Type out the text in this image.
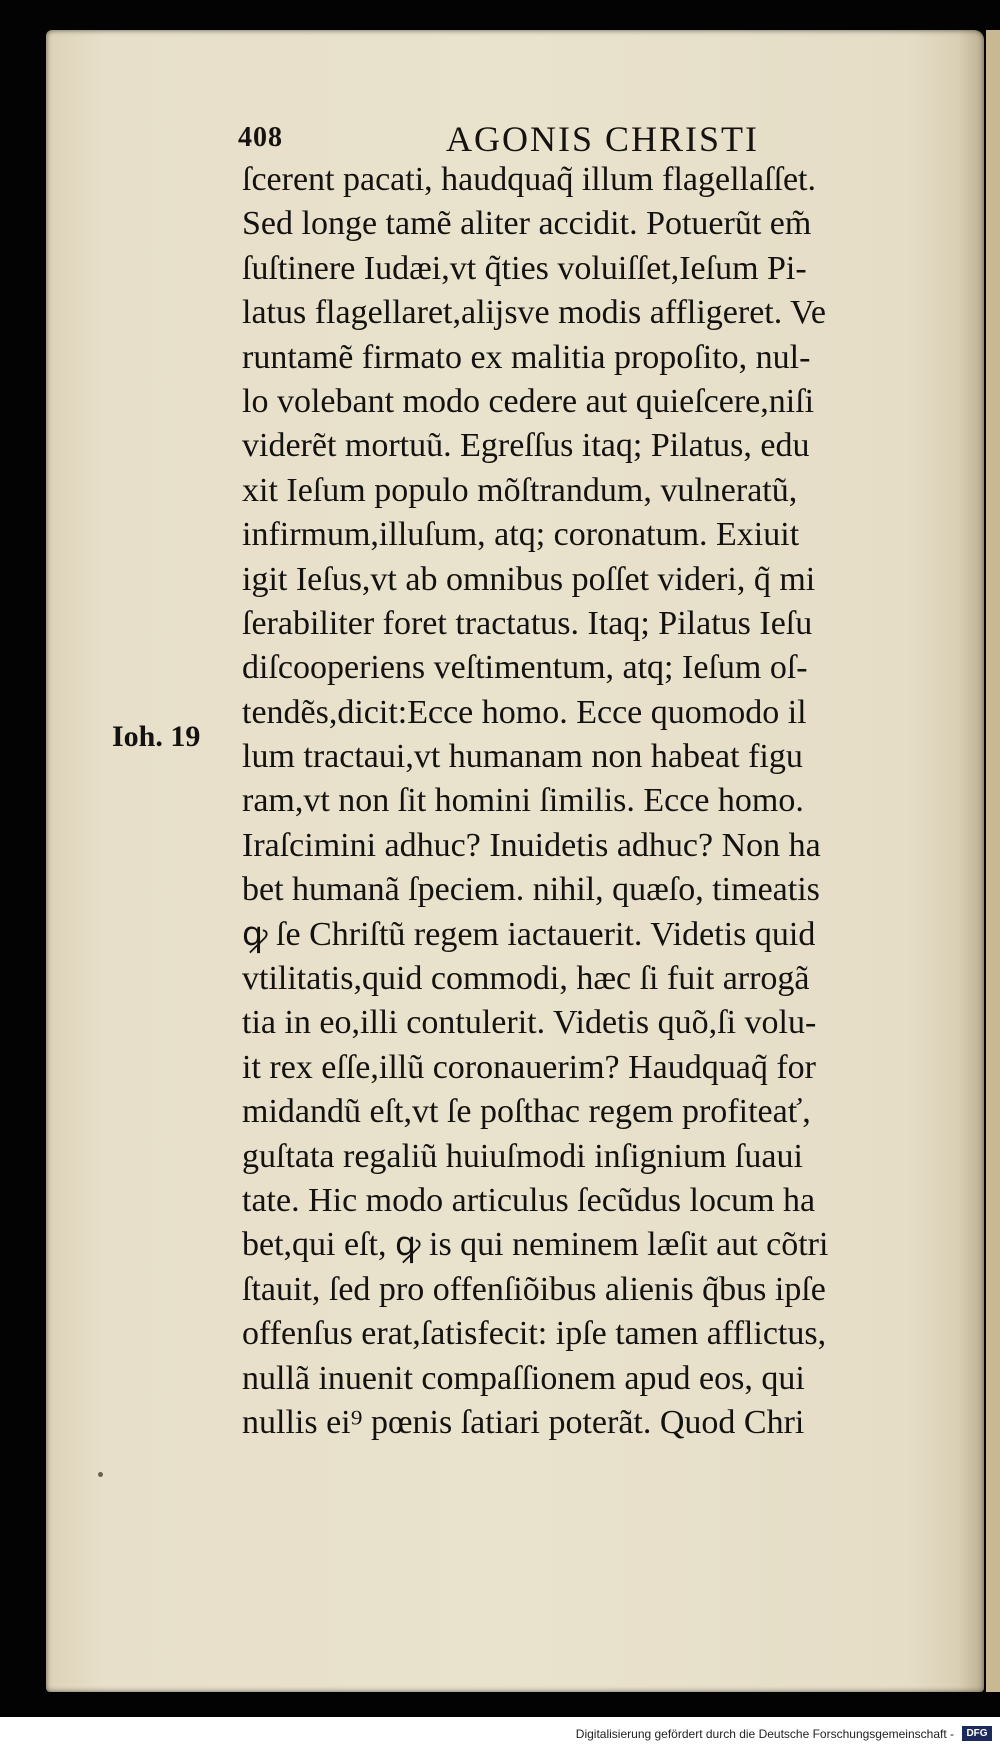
408	AGONIS CHRISTI
Ioh. 19
ſcerent pacati, haudquaq̃ illum flagellaſſet.
Sed longe tamẽ aliter accidit. Potuerũt em̃
ſuſtinere Iudæi,vt q̃ties voluiſſet,Ieſum Pi-
latus flagellaret,alĳsve modis affligeret. Ve
runtamẽ firmato ex malitia propoſito, nul-
lo volebant modo cedere aut quieſcere,niſi
viderẽt mortuũ. Egreſſus itaq; Pilatus, edu
xit Ieſum populo mõſtrandum, vulneratũ,
infirmum,illuſum, atq; coronatum. Exiuit
igit Ieſus,vt ab omnibus poſſet videri, q̃ mi
ſerabiliter foret tractatus. Itaq; Pilatus Ieſu
diſcooperiens veſtimentum, atq; Ieſum oſ-
tendẽs,dicit:Ecce homo. Ecce quomodo il
lum tractaui,vt humanam non habeat figu
ram,vt non ſit homini ſimilis. Ecce homo.
Iraſcimini adhuc? Inuidetis adhuc? Non ha
bet humanã ſpeciem. nihil, quæſo, timeatis
ꝙ ſe Chriſtũ regem iactauerit. Videtis quid
vtilitatis,quid commodi, hæc ſi fuit arrogã
tia in eo,illi contulerit. Videtis quõ,ſi volu-
it rex eſſe,illũ coronauerim? Haudquaq̃ for
midandũ eſt,vt ſe poſthac regem profiteať,
guſtata regaliũ huiuſmodi inſignium ſuaui
tate. Hic modo articulus ſecũdus locum ha
bet,qui eſt, ꝙ is qui neminem læſit aut cõtri
ſtauit, ſed pro offenſiõibus alienis q̃bus ipſe
offenſus erat,ſatisfecit: ipſe tamen afflictus,
nullã inuenit compaſſionem apud eos, qui
nullis ei⁹ pœnis ſatiari poterãt. Quod Chri
Digitalisierung gefördert durch die Deutsche Forschungsgemeinschaft -	DFG
